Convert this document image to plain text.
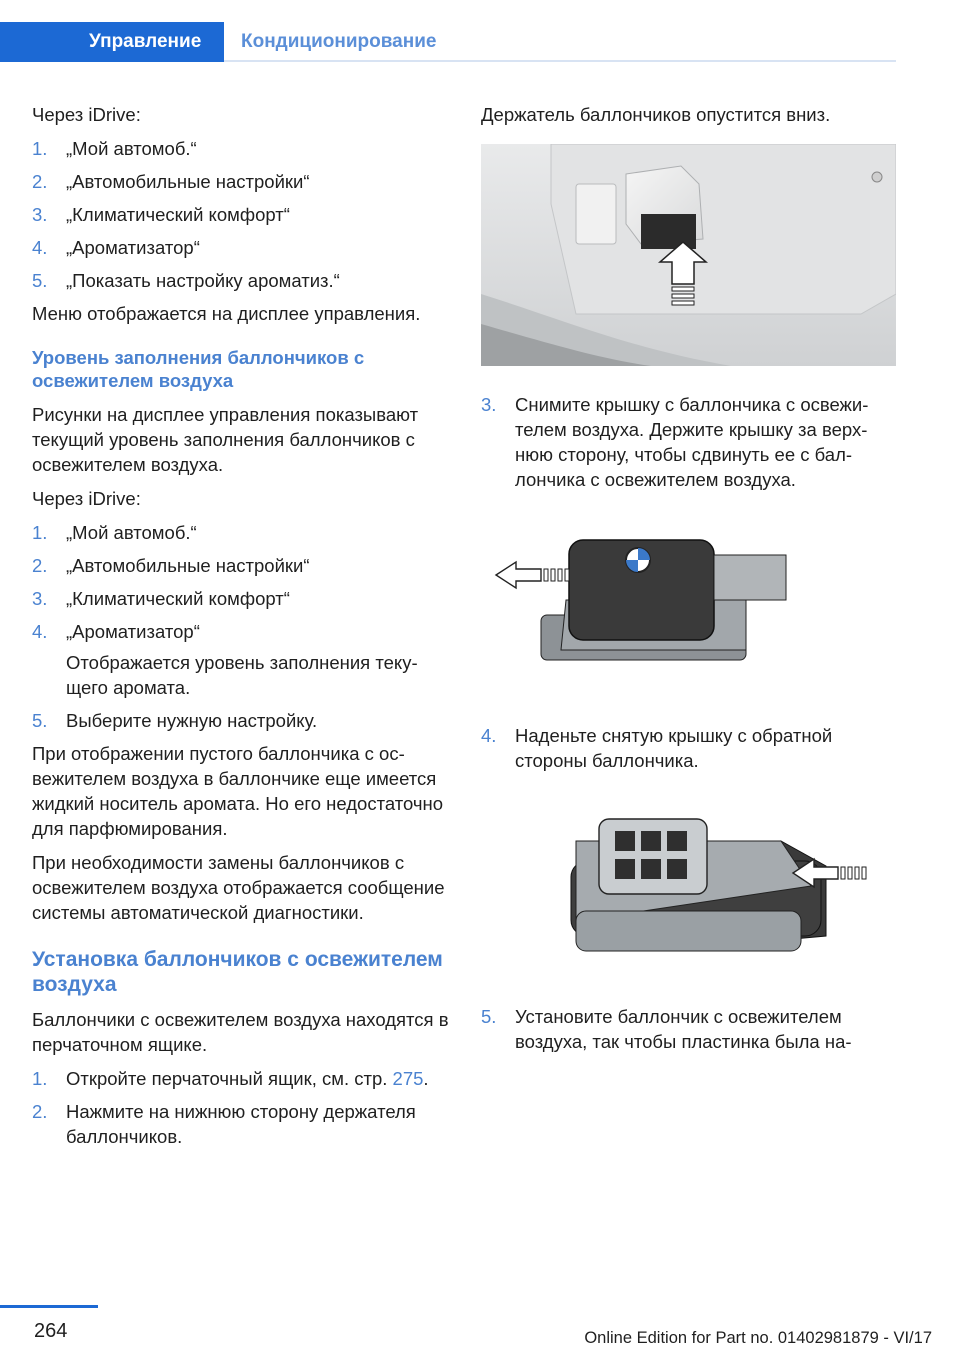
Управление Кондиционирование

Через iDrive:

1. „Мой автомоб.“
2. „Автомобильные настройки“
3. „Климатический комфорт“
4. „Ароматизатор“
5. „Показать настройку ароматиз.“

Меню отображается на дисплее управления.

Уровень заполнения баллончиков с освежителем воздуха

Рисунки на дисплее управления показывают текущий уровень заполнения баллончиков с освежителем воздуха.

Через iDrive:

1. „Мой автомоб.“
2. „Автомобильные настройки“
3. „Климатический комфорт“
4. „Ароматизатор“
Отображается уровень заполнения текущего аромата.
5. Выберите нужную настройку.

При отображении пустого баллончика с освежителем воздуха в баллончике еще имеется жидкий носитель аромата. Но его недостаточно для парфюмирования.

При необходимости замены баллончиков с освежителем воздуха отображается сообщение системы автоматической диагностики.

Установка баллончиков с освежителем воздуха

Баллончики с освежителем воздуха находятся в перчаточном ящике.

1. Откройте перчаточный ящик, см. стр. 275.
2. Нажмите на нижнюю сторону держателя баллончиков.

Держатель баллончиков опустится вниз.

3. Снимите крышку с баллончика с освежителем воздуха. Держите крышку за верхнюю сторону, чтобы сдвинуть ее с баллончика с освежителем воздуха.
4. Наденьте снятую крышку с обратной стороны баллончика.
5. Установите баллончик с освежителем воздуха, так чтобы пластинка была на-
264	Online Edition for Part no. 01402981879 - VI/17
